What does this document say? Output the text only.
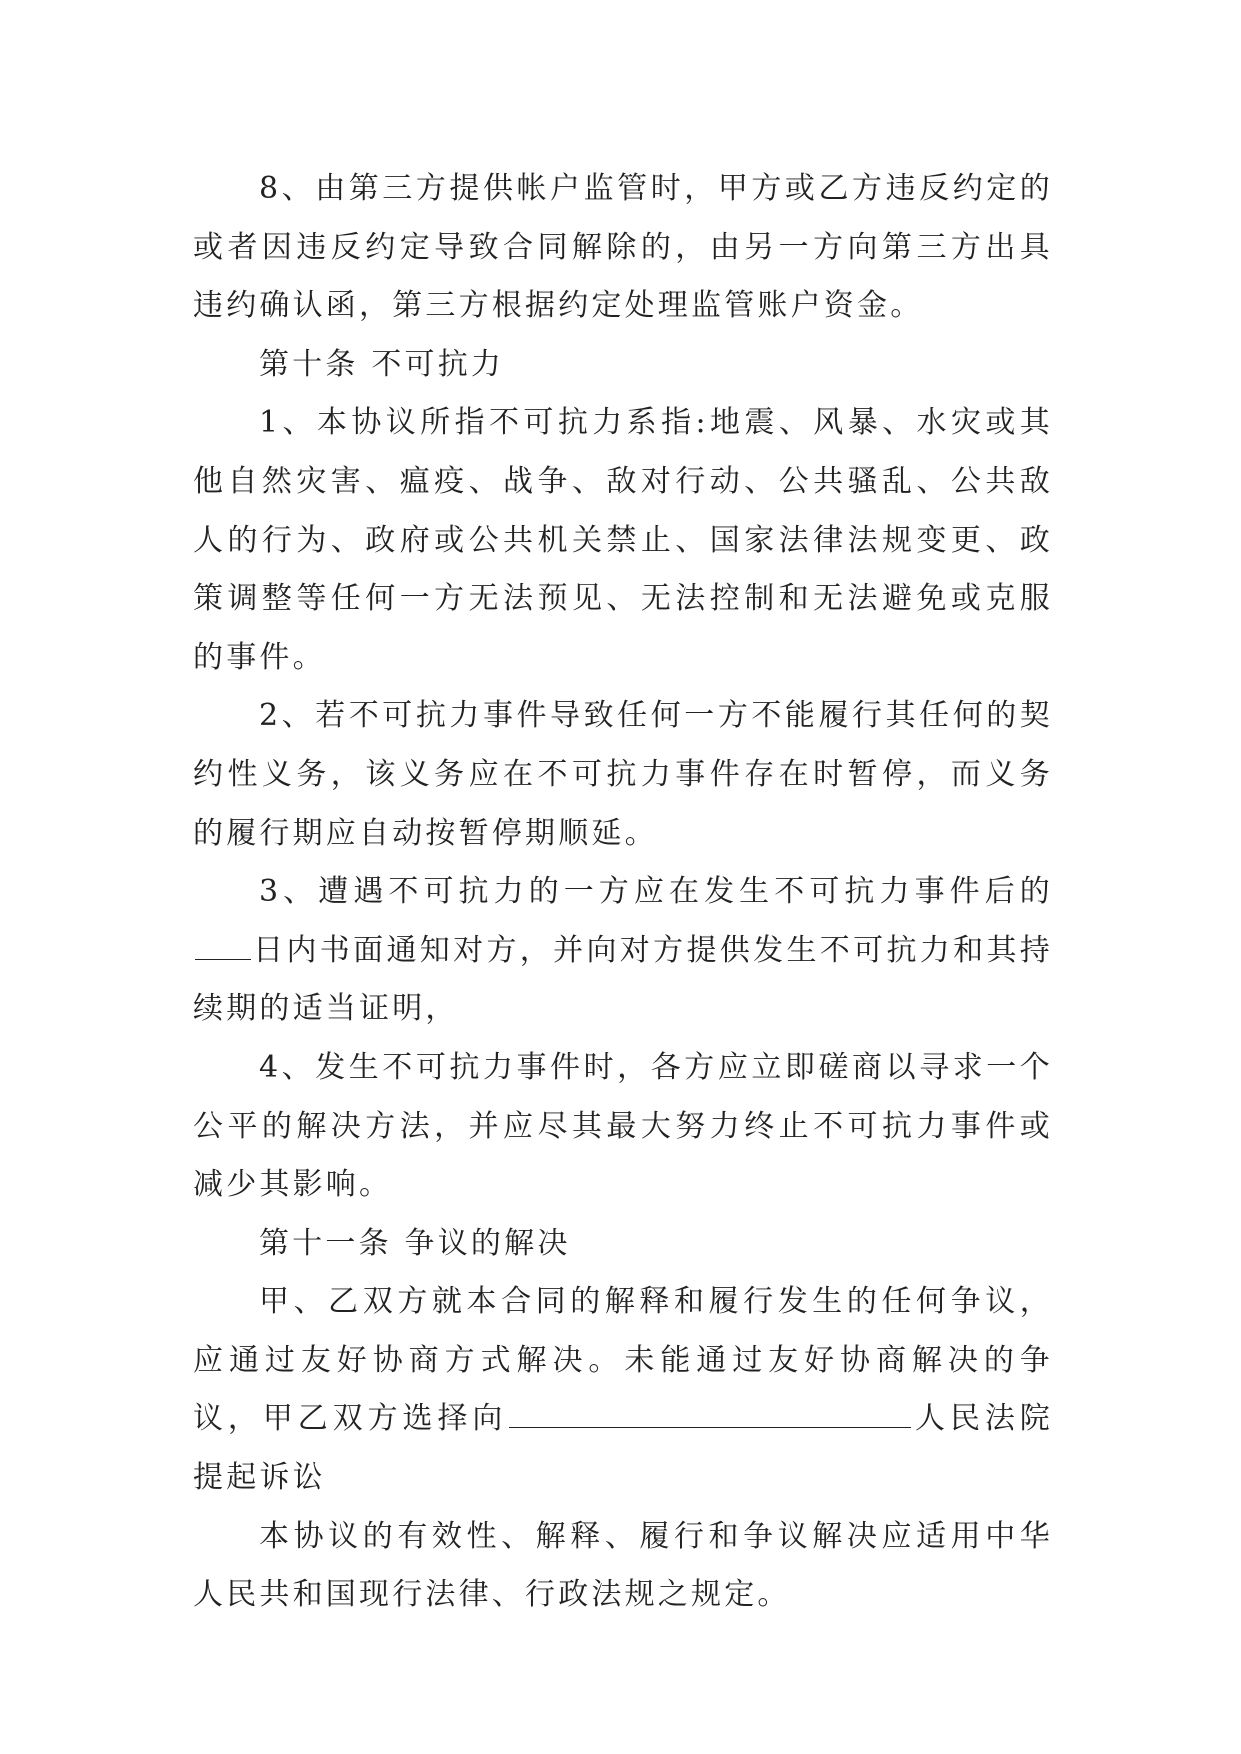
8、由第三方提供帐户监管时，甲方或乙方违反约定的或者因违反约定导致合同解除的，由另一方向第三方出具违约确认函，第三方根据约定处理监管账户资金。

第十条 不可抗力

1、本协议所指不可抗力系指:地震、风暴、水灾或其他自然灾害、瘟疫、战争、敌对行动、公共骚乱、公共敌人的行为、政府或公共机关禁止、国家法律法规变更、政策调整等任何一方无法预见、无法控制和无法避免或克服的事件。

2、若不可抗力事件导致任何一方不能履行其任何的契约性义务，该义务应在不可抗力事件存在时暂停，而义务的履行期应自动按暂停期顺延。

3、遭遇不可抗力的一方应在发生不可抗力事件后的日内书面通知对方，并向对方提供发生不可抗力和其持续期的适当证明，

4、发生不可抗力事件时，各方应立即磋商以寻求一个公平的解决方法，并应尽其最大努力终止不可抗力事件或减少其影响。

第十一条 争议的解决

甲、乙双方就本合同的解释和履行发生的任何争议，应通过友好协商方式解决。未能通过友好协商解决的争议，甲乙双方选择向	人民法院提起诉讼

本协议的有效性、解释、履行和争议解决应适用中华人民共和国现行法律、行政法规之规定。
